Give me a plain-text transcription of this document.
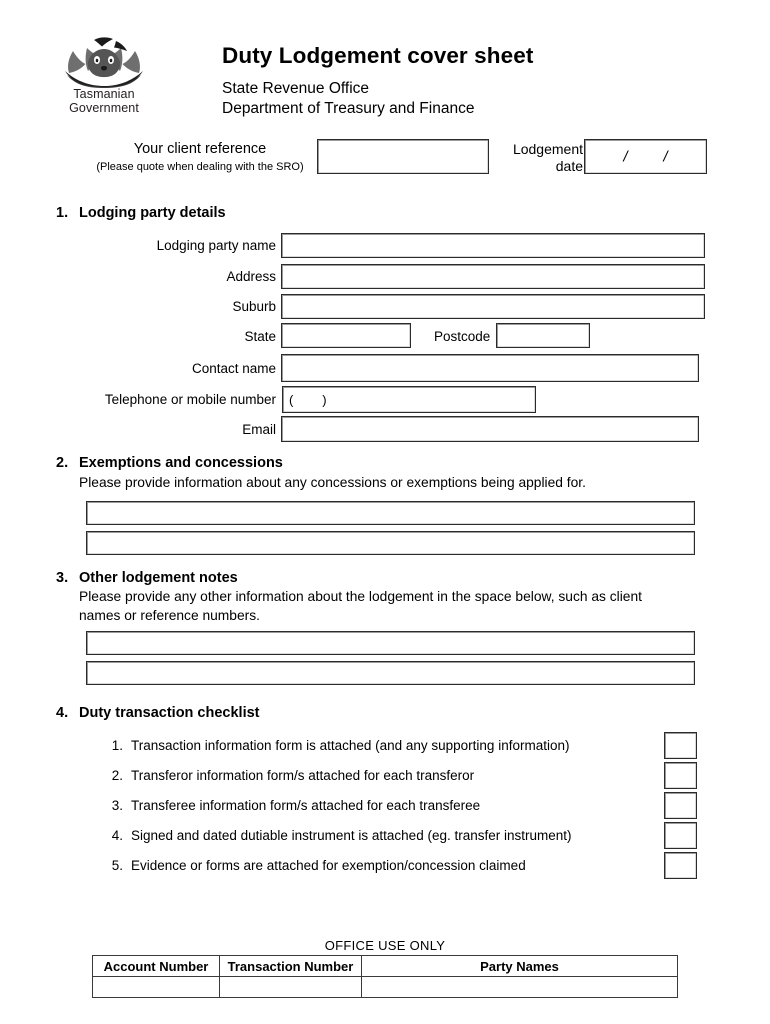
Tasmanian
Government
Duty Lodgement cover sheet
State Revenue Office
Department of Treasury and Finance
Your client reference
(Please quote when dealing with the SRO)
Lodgement
date
/ /
1. Lodging party details
Lodging party name
Address
Suburb
State	Postcode
Contact name
Telephone or mobile number	(        )
Email
2. Exemptions and concessions
Please provide information about any concessions or exemptions being applied for.
3. Other lodgement notes
Please provide any other information about the lodgement in the space below, such as client names or reference numbers.
4. Duty transaction checklist
1. Transaction information form is attached (and any supporting information)
2. Transferor information form/s attached for each transferor
3. Transferee information form/s attached for each transferee
4. Signed and dated dutiable instrument is attached (eg. transfer instrument)
5. Evidence or forms are attached for exemption/concession claimed
OFFICE USE ONLY
Account Number	Transaction Number	Party Names
